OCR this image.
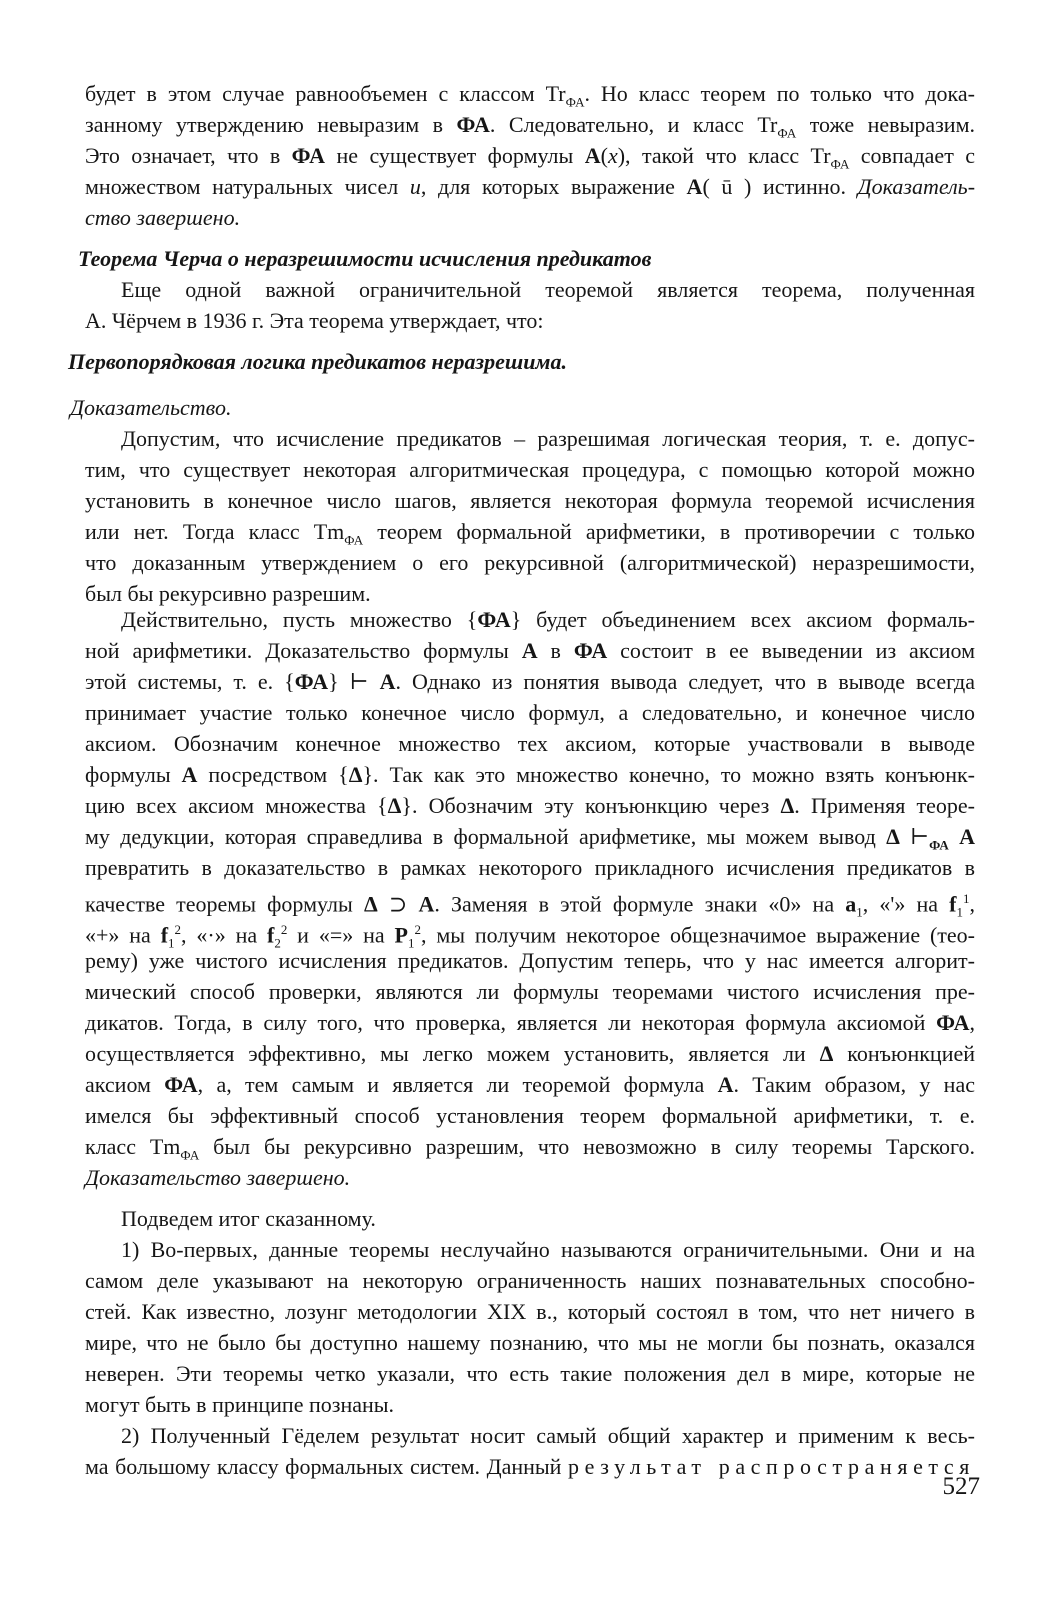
будет в этом случае равнообъемен с классом $Tr_{ФА}$. Но класс теорем по только что дока-
занному утверждению невыразим в ФА. Следовательно, и класс $Tr_{ФА}$ тоже невыразим.
Это означает, что в ФА не существует формулы A(x), такой что класс $Tr_{ФА}$ совпадает с
множеством натуральных чисел u, для которых выражение A( ū ) истинно. Доказатель-
ство завершено.
Теорема Черча о неразрешимости исчисления предикатов
Еще одной важной ограничительной теоремой является теорема, полученная
А. Чёрчем в 1936 г. Эта теорема утверждает, что:
Первопорядковая логика предикатов неразрешима.
Доказательство.
Допустим, что исчисление предикатов – разрешимая логическая теория, т. е. допус-
тим, что существует некоторая алгоритмическая процедура, с помощью которой можно
установить в конечное число шагов, является некоторая формула теоремой исчисления
или нет. Тогда класс $Tm_{ФА}$ теорем формальной арифметики, в противоречии с только
что доказанным утверждением о его рекурсивной (алгоритмической) неразрешимости,
был бы рекурсивно разрешим.
Действительно, пусть множество {ФА} будет объединением всех аксиом формаль-
ной арифметики. Доказательство формулы A в ФА состоит в ее выведении из аксиом
этой системы, т. е. {ФА} ⊢ A. Однако из понятия вывода следует, что в выводе всегда
принимает участие только конечное число формул, а следовательно, и конечное число
аксиом. Обозначим конечное множество тех аксиом, которые участвовали в выводе
формулы A посредством {Δ}. Так как это множество конечно, то можно взять конъюнк-
цию всех аксиом множества {Δ}. Обозначим эту конъюнкцию через Δ. Применяя теоре-
му дедукции, которая справедлива в формальной арифметике, мы можем вывод Δ $⊢_{ФА}$ A
превратить в доказательство в рамках некоторого прикладного исчисления предикатов в
качестве теоремы формулы Δ ⊃ A. Заменяя в этой формуле знаки «0» на $a_1$, «'» на $f_1^1$,
«+» на $f_1^2$, «·» на $f_2^2$ и «=» на $P_1^2$, мы получим некоторое общезначимое выражение (тео-
рему) уже чистого исчисления предикатов. Допустим теперь, что у нас имеется алгорит-
мический способ проверки, являются ли формулы теоремами чистого исчисления пре-
дикатов. Тогда, в силу того, что проверка, является ли некоторая формула аксиомой ФА,
осуществляется эффективно, мы легко можем установить, является ли Δ конъюнкцией
аксиом ФА, а, тем самым и является ли теоремой формула A. Таким образом, у нас
имелся бы эффективный способ установления теорем формальной арифметики, т. е.
класс $Tm_{ФА}$ был бы рекурсивно разрешим, что невозможно в силу теоремы Тарского.
Доказательство завершено.
Подведем итог сказанному.
1) Во-первых, данные теоремы неслучайно называются ограничительными. Они и на
самом деле указывают на некоторую ограниченность наших познавательных способно-
стей. Как известно, лозунг методологии XIX в., который состоял в том, что нет ничего в
мире, что не было бы доступно нашему познанию, что мы не могли бы познать, оказался
неверен. Эти теоремы четко указали, что есть такие положения дел в мире, которые не
могут быть в принципе познаны.
2) Полученный Гёделем результат носит самый общий характер и применим к весь-
ма большому классу формальных систем. Данный результат распространяется
527
